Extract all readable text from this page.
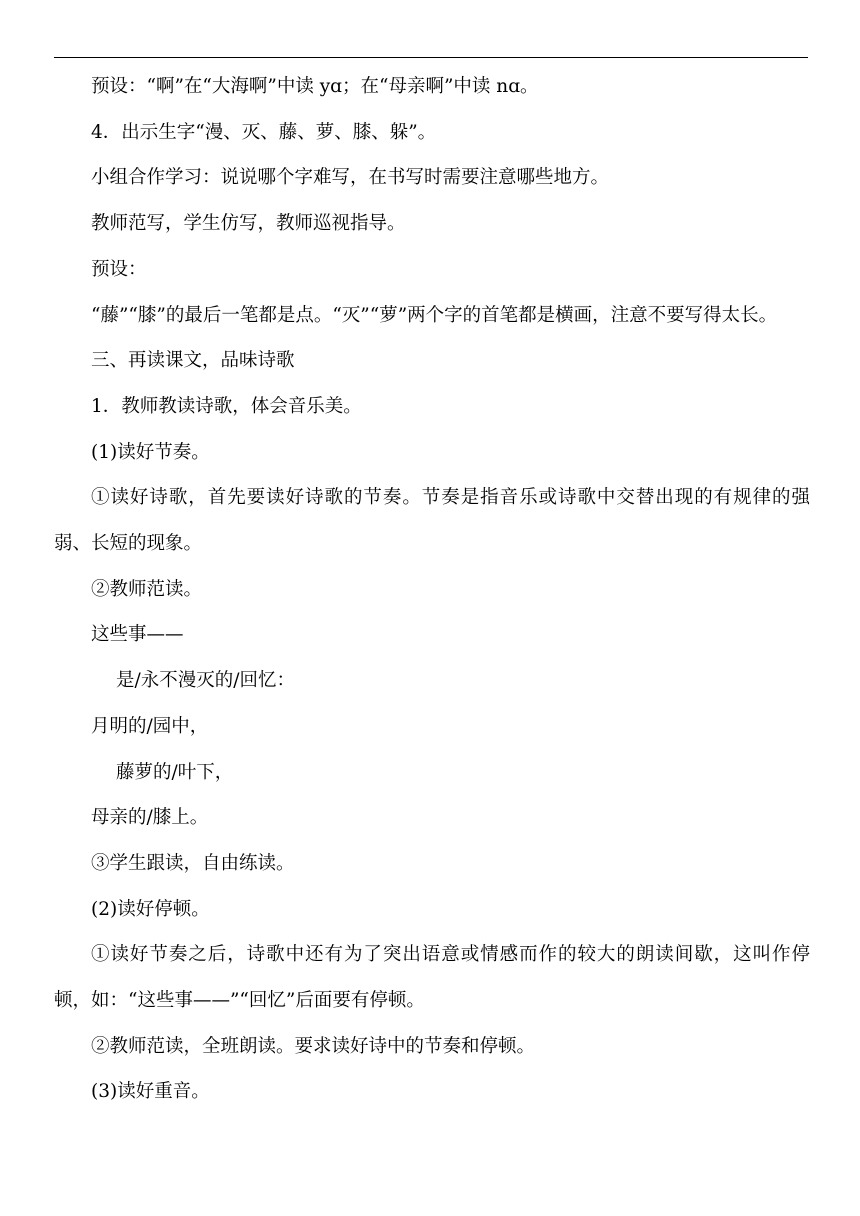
预设：“啊”在“大海啊”中读 yɑ；在“母亲啊”中读 nɑ。

4．出示生字“漫、灭、藤、萝、膝、躲”。

小组合作学习：说说哪个字难写，在书写时需要注意哪些地方。

教师范写，学生仿写，教师巡视指导。

预设：

“藤”“膝”的最后一笔都是点。“灭”“萝”两个字的首笔都是横画，注意不要写得太长。

三、再读课文，品味诗歌

1．教师教读诗歌，体会音乐美。

(1)读好节奏。

①读好诗歌，首先要读好诗歌的节奏。节奏是指音乐或诗歌中交替出现的有规律的强弱、长短的现象。

②教师范读。

这些事——

是/永不漫灭的/回忆：

月明的/园中，

藤萝的/叶下，

母亲的/膝上。

③学生跟读，自由练读。

(2)读好停顿。

①读好节奏之后，诗歌中还有为了突出语意或情感而作的较大的朗读间歇，这叫作停顿，如：“这些事——”“回忆”后面要有停顿。

②教师范读，全班朗读。要求读好诗中的节奏和停顿。

(3)读好重音。
